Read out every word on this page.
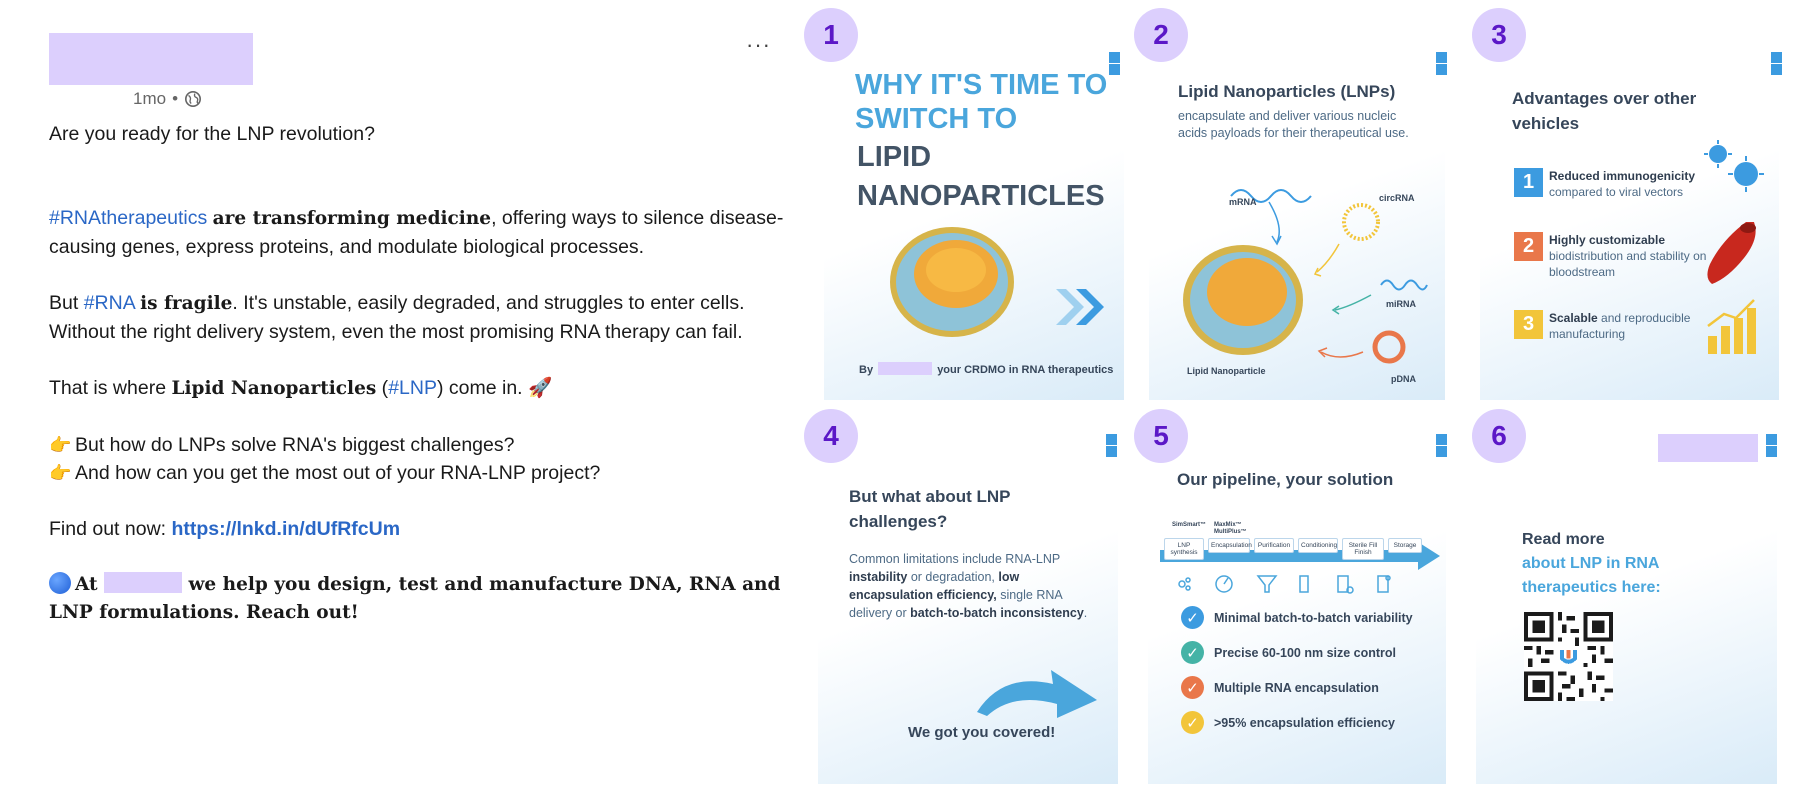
···
1mo •

Are you ready for the LNP revolution?

#RNAtherapeutics are transforming medicine, offering ways to silence disease-causing genes, express proteins, and modulate biological processes.

But #RNA is fragile. It's unstable, easily degraded, and struggles to enter cells. Without the right delivery system, even the most promising RNA therapy can fail.

That is where Lipid Nanoparticles (#LNP) come in. 🚀

👉 But how do LNPs solve RNA's biggest challenges?

👉 And how can you get the most out of your RNA-LNP project?

Find out now: https://lnkd.in/dUfRfcUm

At	we help you design, test and manufacture DNA, RNA and LNP formulations. Reach out!

1
WHY IT'S TIME TO SWITCH TO
LIPID NANOPARTICLES
By	your CRDMO in RNA therapeutics
2
Lipid Nanoparticles (LNPs)
encapsulate and deliver various nucleic acids payloads for their therapeutical use.
mRNA	circRNA
miRNA
pDNA
Lipid Nanoparticle
3
Advantages over other vehicles
1	Reduced immunogenicity
compared to viral vectors
2	Highly customizable
biodistribution and stability on bloodstream
3	Scalable and reproducible manufacturing
4
But what about LNP challenges?
Common limitations include RNA-LNP instability or degradation, low encapsulation efficiency, single RNA delivery or batch-to-batch inconsistency.
We got you covered!
5
Our pipeline, your solution
SimSmart™ MaxMix™ MultiPlus™
LNP synthesis
Encapsulation Purification	Conditioning	Sterile Fill Finish
Storage
✓	Minimal batch-to-batch variability
✓	Precise 60-100 nm size control
✓	Multiple RNA encapsulation
✓	>95% encapsulation efficiency
6
Read more
about LNP in RNA therapeutics here:
